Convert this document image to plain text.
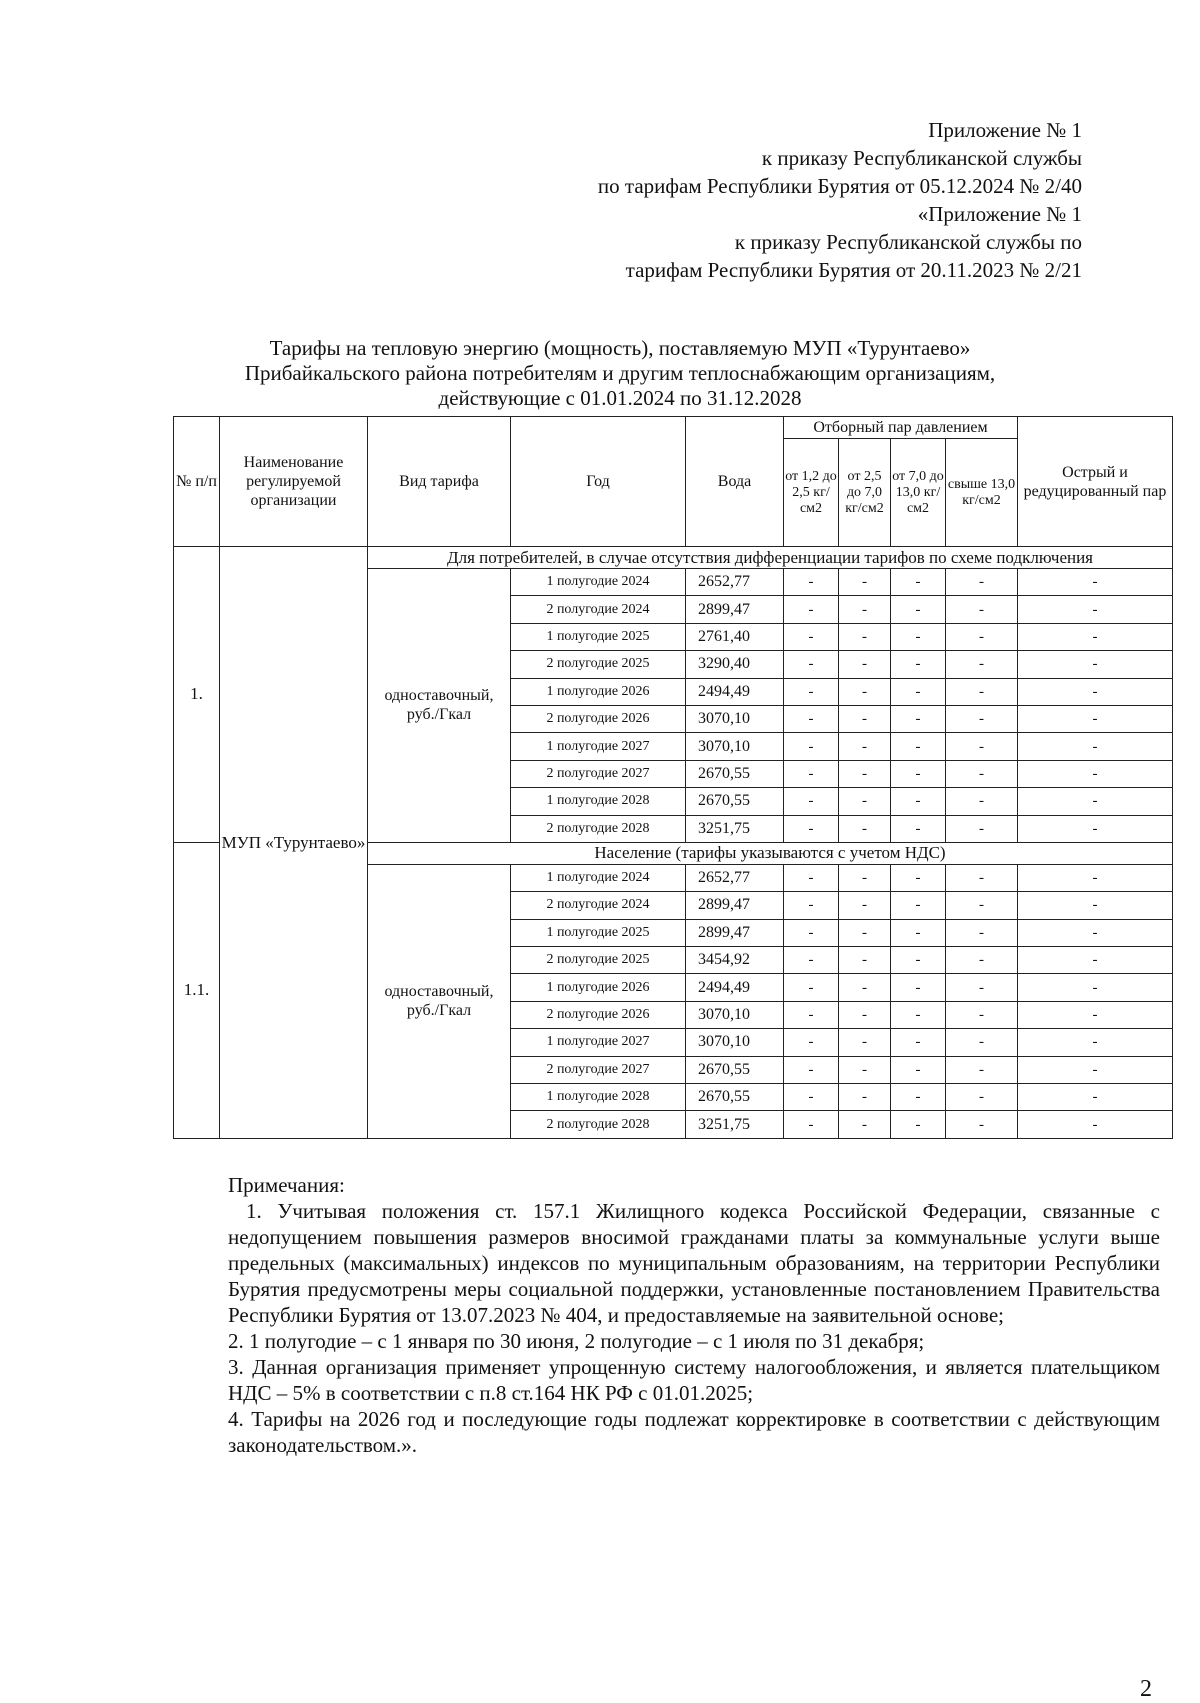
Приложение № 1
к приказу Республиканской службы
по тарифам Республики Бурятия от 05.12.2024 № 2/40
«Приложение № 1
к приказу Республиканской службы по
тарифам Республики Бурятия от 20.11.2023 № 2/21
Тарифы на тепловую энергию (мощность), поставляемую МУП «Турунтаево»
Прибайкальского района потребителям и другим теплоснабжающим организациям,
действующие с 01.01.2024 по 31.12.2028
№ п/п	Наименование регулируемой организации	Вид тарифа	Год	Вода	Отборный пар давлением				Острый и редуцированный пар
					от 1,2 до 2,5 кг/см2	от 2,5 до 7,0 кг/см2	от 7,0 до 13,0 кг/см2	свыше 13,0 кг/см2	
1.	МУП «Турунтаево»	Для потребителей, в случае отсутствия дифференциации тарифов по схеме подключения							
		одноставочный, руб./Гкал	1 полугодие 2024	2652,77	-	-	-	-	-
			2 полугодие 2024	2899,47	-	-	-	-	-
			1 полугодие 2025	2761,40	-	-	-	-	-
			2 полугодие 2025	3290,40	-	-	-	-	-
			1 полугодие 2026	2494,49	-	-	-	-	-
			2 полугодие 2026	3070,10	-	-	-	-	-
			1 полугодие 2027	3070,10	-	-	-	-	-
			2 полугодие 2027	2670,55	-	-	-	-	-
			1 полугодие 2028	2670,55	-	-	-	-	-
			2 полугодие 2028	3251,75	-	-	-	-	-
1.1.		Население (тарифы указываются с учетом НДС)							
		одноставочный, руб./Гкал	1 полугодие 2024	2652,77	-	-	-	-	-
			2 полугодие 2024	2899,47	-	-	-	-	-
			1 полугодие 2025	2899,47	-	-	-	-	-
			2 полугодие 2025	3454,92	-	-	-	-	-
			1 полугодие 2026	2494,49	-	-	-	-	-
			2 полугодие 2026	3070,10	-	-	-	-	-
			1 полугодие 2027	3070,10	-	-	-	-	-
			2 полугодие 2027	2670,55	-	-	-	-	-
			1 полугодие 2028	2670,55	-	-	-	-	-
			2 полугодие 2028	3251,75	-	-	-	-	-

Примечания:

1. Учитывая положения ст. 157.1 Жилищного кодекса Российской Федерации, связанные с недопущением повышения размеров вносимой гражданами платы за коммунальные услуги выше предельных (максимальных) индексов по муниципальным образованиям, на территории Республики Бурятия предусмотрены меры социальной поддержки, установленные постановлением Правительства Республики Бурятия от 13.07.2023 № 404, и предоставляемые на заявительной основе;

2. 1 полугодие – с 1 января по 30 июня, 2 полугодие – с 1 июля по 31 декабря;

3. Данная организация применяет упрощенную систему налогообложения, и является плательщиком НДС – 5% в соответствии с п.8 ст.164 НК РФ с 01.01.2025;

4. Тарифы на 2026 год и последующие годы подлежат корректировке в соответствии с действующим законодательством.».

2
